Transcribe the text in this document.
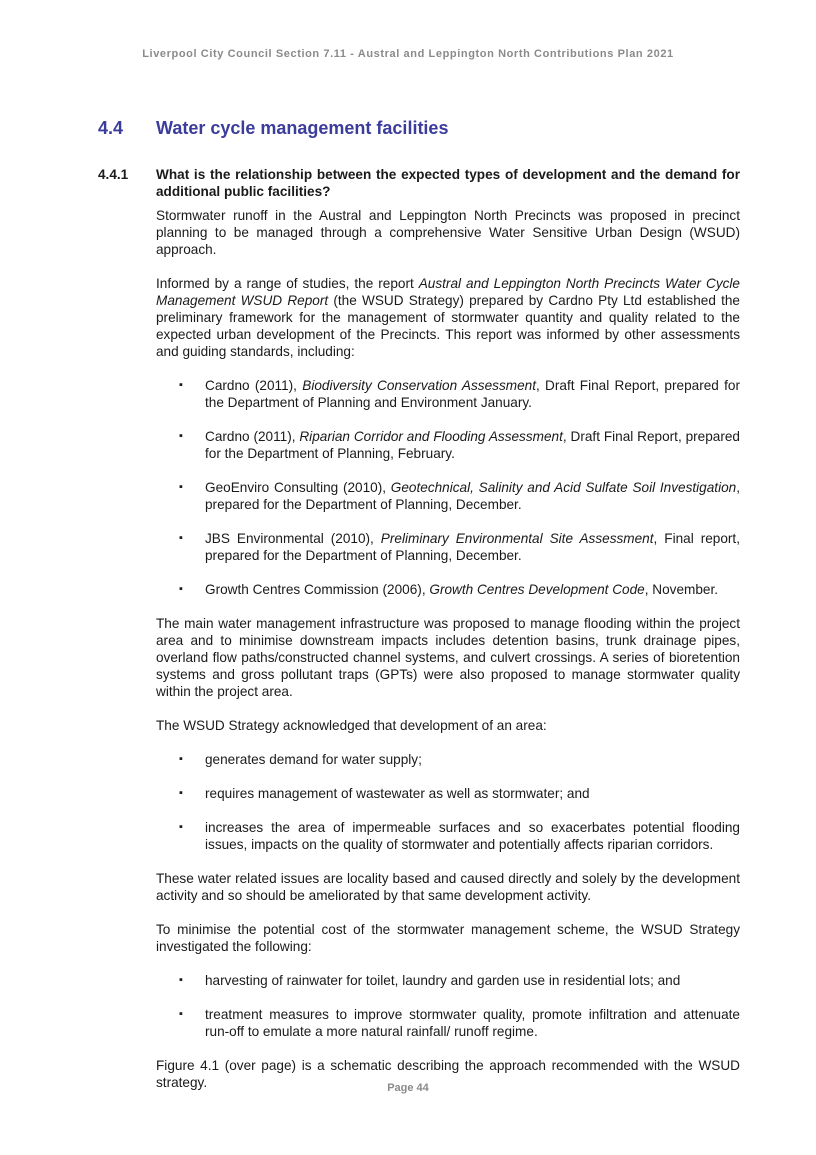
Liverpool City Council Section 7.11 - Austral and Leppington North Contributions Plan 2021
4.4 Water cycle management facilities
4.4.1 What is the relationship between the expected types of development and the demand for additional public facilities?

Stormwater runoff in the Austral and Leppington North Precincts was proposed in precinct planning to be managed through a comprehensive Water Sensitive Urban Design (WSUD) approach.

Informed by a range of studies, the report Austral and Leppington North Precincts Water Cycle Management WSUD Report (the WSUD Strategy) prepared by Cardno Pty Ltd established the preliminary framework for the management of stormwater quantity and quality related to the expected urban development of the Precincts. This report was informed by other assessments and guiding standards, including:

▪ Cardno (2011), Biodiversity Conservation Assessment, Draft Final Report, prepared for the Department of Planning and Environment January.
▪ Cardno (2011), Riparian Corridor and Flooding Assessment, Draft Final Report, prepared for the Department of Planning, February.
▪ GeoEnviro Consulting (2010), Geotechnical, Salinity and Acid Sulfate Soil Investigation, prepared for the Department of Planning, December.
▪ JBS Environmental (2010), Preliminary Environmental Site Assessment, Final report, prepared for the Department of Planning, December.
▪ Growth Centres Commission (2006), Growth Centres Development Code, November.

The main water management infrastructure was proposed to manage flooding within the project area and to minimise downstream impacts includes detention basins, trunk drainage pipes, overland flow paths/constructed channel systems, and culvert crossings. A series of bioretention systems and gross pollutant traps (GPTs) were also proposed to manage stormwater quality within the project area.

The WSUD Strategy acknowledged that development of an area:

▪ generates demand for water supply;
▪ requires management of wastewater as well as stormwater; and
▪ increases the area of impermeable surfaces and so exacerbates potential flooding issues, impacts on the quality of stormwater and potentially affects riparian corridors.

These water related issues are locality based and caused directly and solely by the development activity and so should be ameliorated by that same development activity.

To minimise the potential cost of the stormwater management scheme, the WSUD Strategy investigated the following:

▪ harvesting of rainwater for toilet, laundry and garden use in residential lots; and
▪ treatment measures to improve stormwater quality, promote infiltration and attenuate run-off to emulate a more natural rainfall/ runoff regime.

Figure 4.1 (over page) is a schematic describing the approach recommended with the WSUD strategy.	Page 44
